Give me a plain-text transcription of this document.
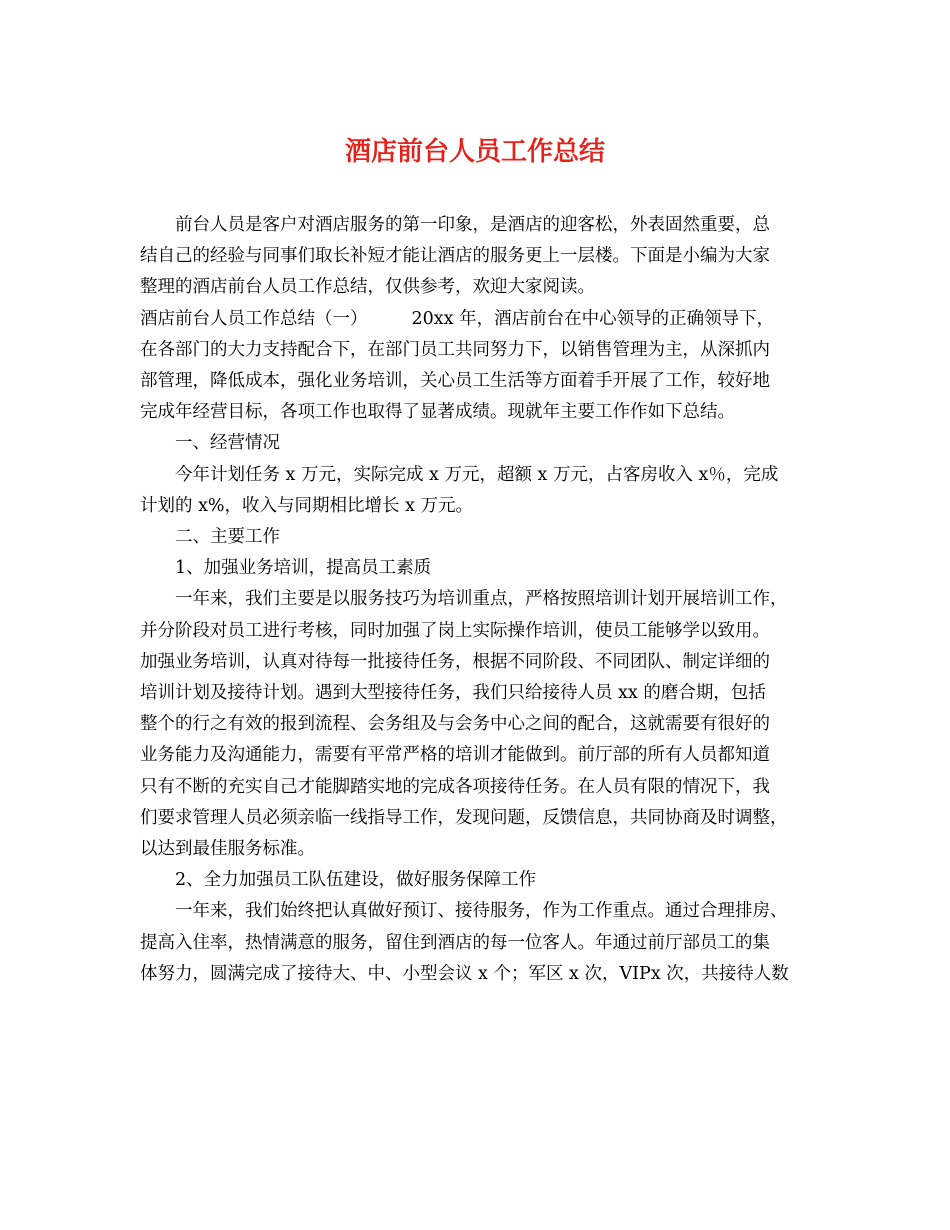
酒店前台人员工作总结
前台人员是客户对酒店服务的第一印象，是酒店的迎客松，外表固然重要，总
结自己的经验与同事们取长补短才能让酒店的服务更上一层楼。下面是小编为大家
整理的酒店前台人员工作总结，仅供参考，欢迎大家阅读。
酒店前台人员工作总结（一）	20xx 年，酒店前台在中心领导的正确领导下，
在各部门的大力支持配合下，在部门员工共同努力下，以销售管理为主，从深抓内
部管理，降低成本，强化业务培训，关心员工生活等方面着手开展了工作，较好地
完成年经营目标，各项工作也取得了显著成绩。现就年主要工作作如下总结。
一、经营情况
今年计划任务 x 万元，实际完成 x 万元，超额 x 万元，占客房收入 x％，完成
计划的 x%，收入与同期相比增长 x 万元。
二、主要工作
1、加强业务培训，提高员工素质
一年来，我们主要是以服务技巧为培训重点，严格按照培训计划开展培训工作，
并分阶段对员工进行考核，同时加强了岗上实际操作培训，使员工能够学以致用。
加强业务培训，认真对待每一批接待任务，根据不同阶段、不同团队、制定详细的
培训计划及接待计划。遇到大型接待任务，我们只给接待人员 xx 的磨合期，包括
整个的行之有效的报到流程、会务组及与会务中心之间的配合，这就需要有很好的
业务能力及沟通能力，需要有平常严格的培训才能做到。前厅部的所有人员都知道
只有不断的充实自己才能脚踏实地的完成各项接待任务。在人员有限的情况下，我
们要求管理人员必须亲临一线指导工作，发现问题，反馈信息，共同协商及时调整，
以达到最佳服务标准。
2、全力加强员工队伍建设，做好服务保障工作
一年来，我们始终把认真做好预订、接待服务，作为工作重点。通过合理排房、
提高入住率，热情满意的服务，留住到酒店的每一位客人。年通过前厅部员工的集
体努力，圆满完成了接待大、中、小型会议 x 个；军区 x 次，VIPx 次，共接待人数
